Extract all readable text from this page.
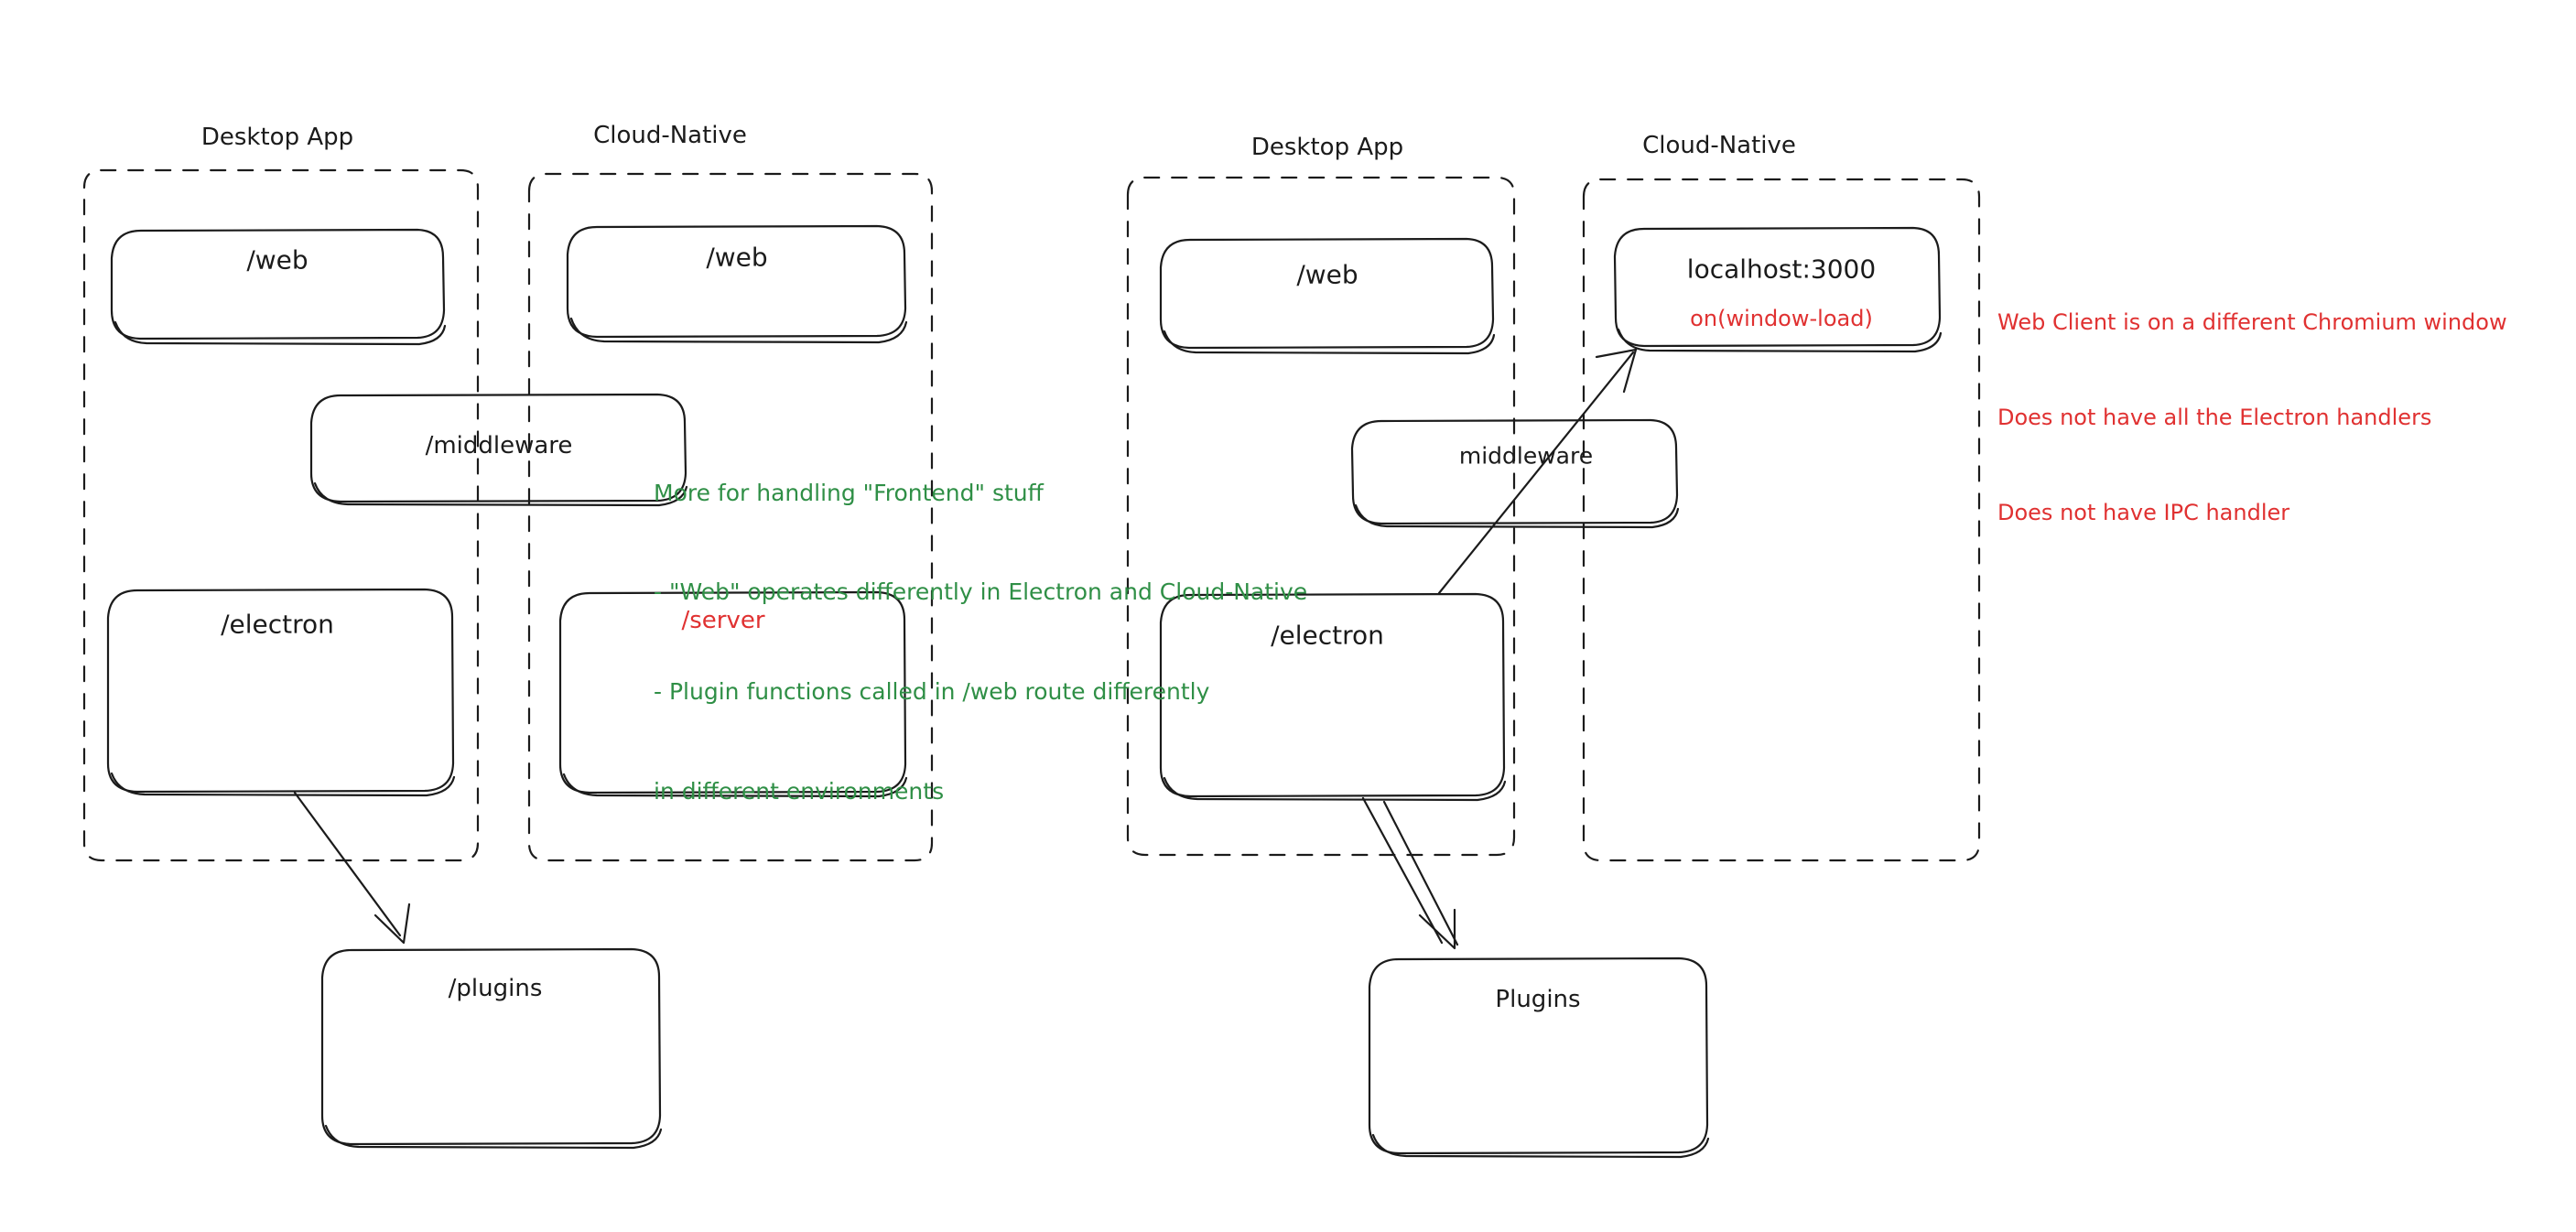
Desktop App	Cloud-Native
/web	/web
/middleware
/electron	/server
/plugins
Desktop App	Cloud-Native
/web	localhost:3000
on(window-load)
middleware
/electron
Plugins

More for handling "Frontend" stuff

- "Web" operates differently in Electron and Cloud-Native

- Plugin functions called in /web route differently

in different environments

Web Client is on a different Chromium window

Does not have all the Electron handlers

Does not have IPC handler
